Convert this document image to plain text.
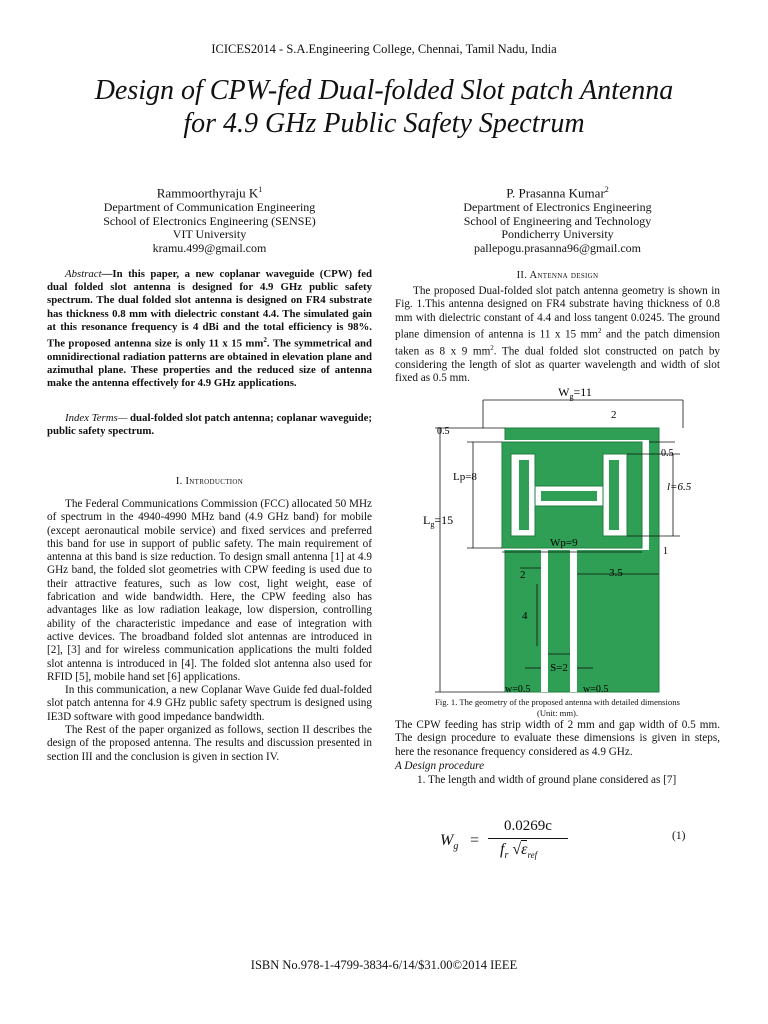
ICICES2014 - S.A.Engineering College, Chennai, Tamil Nadu, India
Design of CPW-fed Dual-folded Slot patch Antenna
for 4.9 GHz Public Safety Spectrum
Rammoorthyraju $K^1$
Department of Communication Engineering
School of Electronics Engineering (SENSE)
VIT University
kramu.499@gmail.com
P. Prasanna Kumar$^2$
Department of Electronics Engineering
School of Engineering and Technology
Pondicherry University
pallepogu.prasanna96@gmail.com

Abstract—In this paper, a new coplanar waveguide (CPW) fed dual folded slot antenna is designed for 4.9 GHz public safety spectrum. The dual folded slot antenna is designed on FR4 substrate has thickness 0.8 mm with dielectric constant 4.4. The simulated gain at this resonance frequency is 4 dBi and the total efficiency is 98%. The proposed antenna size is only 11 x 15 $mm^2$. The symmetrical and omnidirectional radiation patterns are obtained in elevation plane and azimuthal plane. These properties and the reduced size of antenna make the antenna effectively for 4.9 GHz applications.

Index Terms— dual-folded slot patch antenna; coplanar waveguide; public safety spectrum.

I. Introduction

The Federal Communications Commission (FCC) allocated 50 MHz of spectrum in the 4940-4990 MHz band (4.9 GHz band) for mobile (except aeronautical mobile service) and fixed services and preferred this band for use in support of public safety. The main requirement of antenna at this band is size reduction. To design small antenna [1] at 4.9 GHz band, the folded slot geometries with CPW feeding is used due to their attractive features, such as low cost, light weight, ease of fabrication and wide bandwidth. Here, the CPW feeding also has advantages like as low radiation leakage, low dispersion, controlling ability of the characteristic impedance and ease of integration with active devices. The broadband folded slot antennas are introduced in [2], [3] and for wireless communication applications the multi folded slot antenna is introduced in [4]. The folded slot antenna also used for RFID [5], mobile hand set [6] applications.

In this communication, a new Coplanar Wave Guide fed dual-folded slot patch antenna for 4.9 GHz public safety spectrum is designed using IE3D software with good impedance bandwidth.

The Rest of the paper organized as follows, section II describes the design of the proposed antenna. The results and discussion presented in section III and the conclusion is given in section IV.

II. Antenna design

The proposed Dual-folded slot patch antenna geometry is shown in Fig. 1.This antenna designed on FR4 substrate having thickness of 0.8 mm with dielectric constant of 4.4 and loss tangent 0.0245. The ground plane dimension of antenna is 11 x 15 $mm^2$ and the patch dimension taken as 8 x 9 $mm^2$. The dual folded slot constructed on patch by considering the length of slot as quarter wavelength and width of slot fixed as 0.5 mm.

$W_g=11$
2
0.5
0.5
Lp=8
l=6.5
$L_g=15$
Wp=9
1
2	3.5
4
S=2
w=0.5	w=0.5
Fig. 1. The geometry of the proposed antenna with detailed dimensions
(Unit: mm).

The CPW feeding has strip width of 2 mm and gap width of 0.5 mm. The design procedure to evaluate these dimensions is given in steps, here the resonance frequency considered as 4.9 GHz.

A Design procedure

1. The length and width of ground plane considered as [7]

$W_g$ =
0.0269c
$f_r$ $√\varepsilon_{ref}$
(1)
ISBN No.978-1-4799-3834-6/14/$31.00©2014 IEEE
